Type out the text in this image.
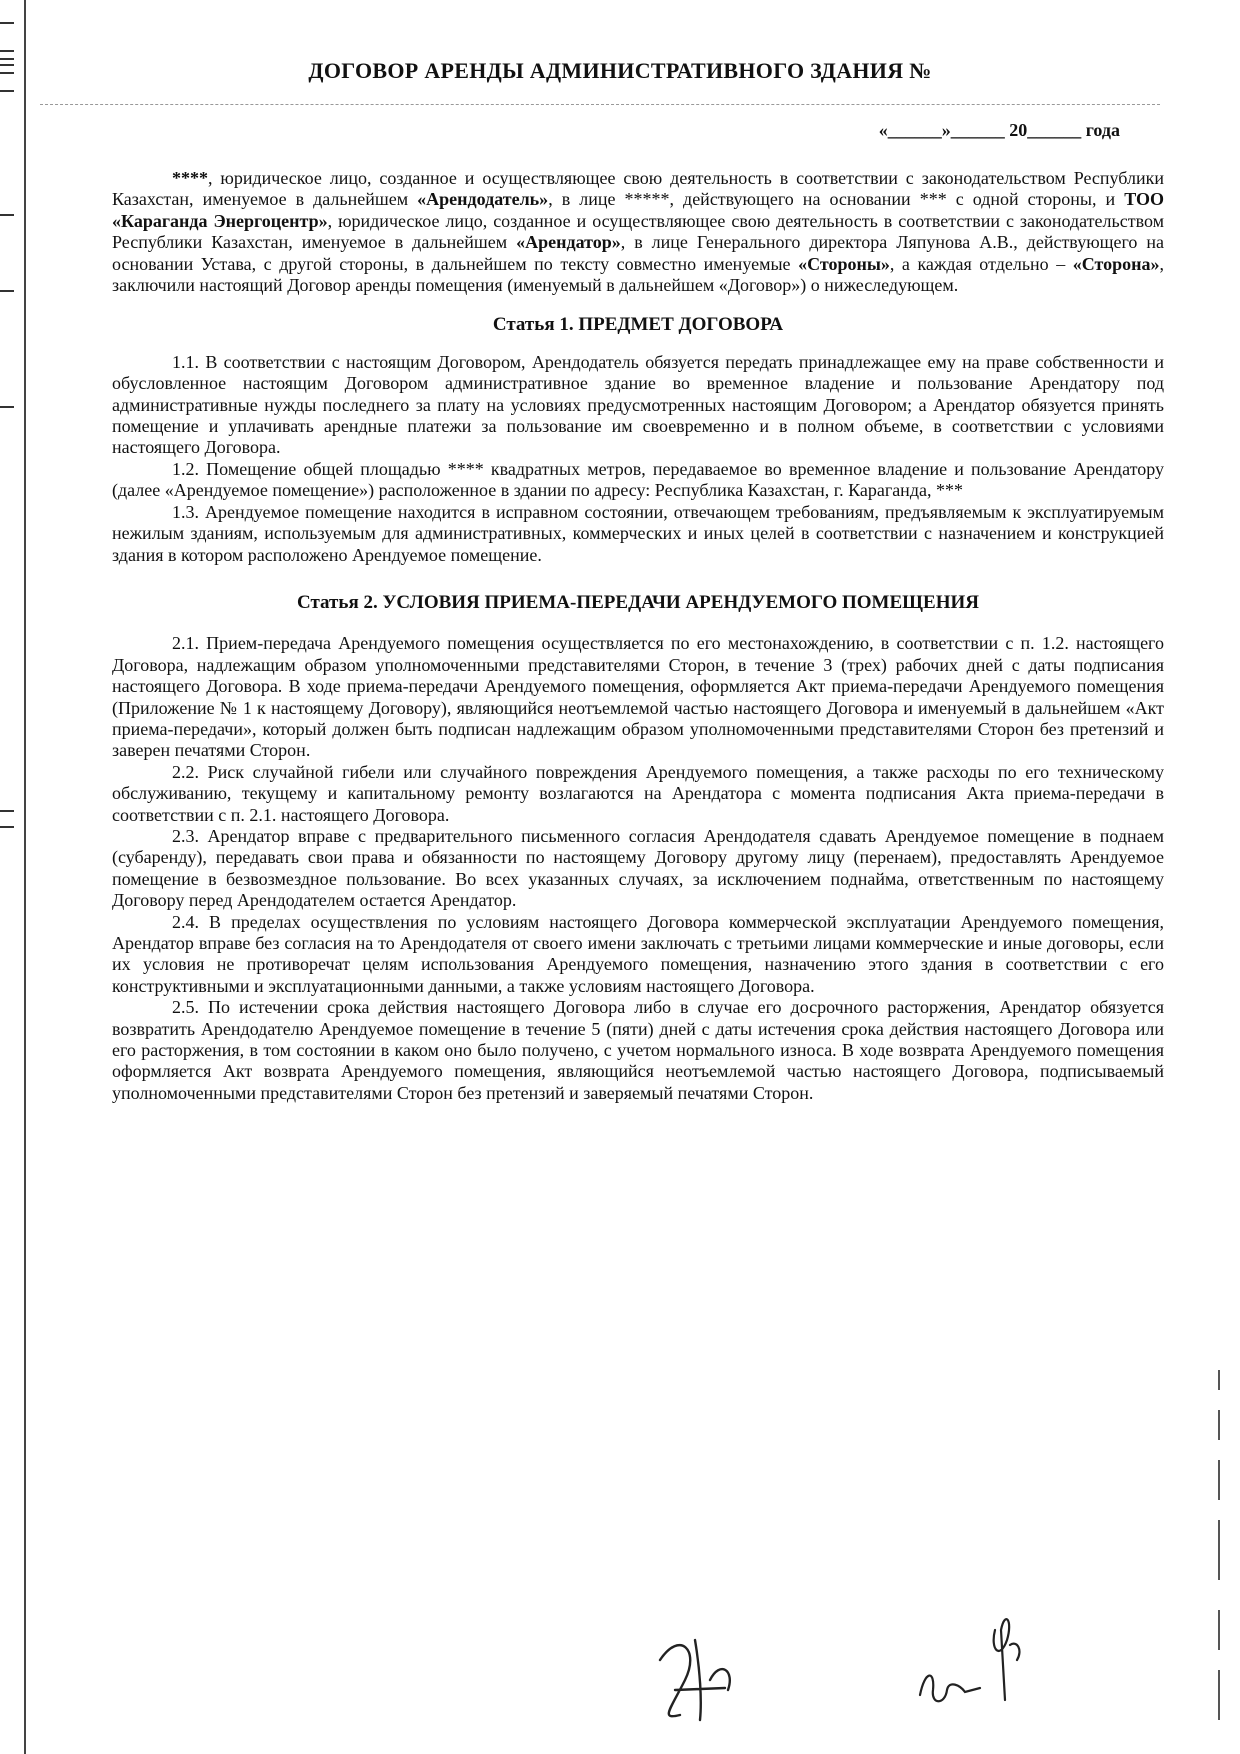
ДОГОВОР АРЕНДЫ АДМИНИСТРАТИВНОГО ЗДАНИЯ №
«______»______ 20______ года

****, юридическое лицо, созданное и осуществляющее свою деятельность в соответствии с законодательством Республики Казахстан, именуемое в дальнейшем «Арендодатель», в лице *****, действующего на основании *** с одной стороны, и ТОО «Караганда Энергоцентр», юридическое лицо, созданное и осуществляющее свою деятельность в соответствии с законодательством Республики Казахстан, именуемое в дальнейшем «Арендатор», в лице Генерального директора Ляпунова А.В., действующего на основании Устава, с другой стороны, в дальнейшем по тексту совместно именуемые «Стороны», а каждая отдельно – «Сторона», заключили настоящий Договор аренды помещения (именуемый в дальнейшем «Договор») о нижеследующем.

Статья 1. ПРЕДМЕТ ДОГОВОРА

1.1. В соответствии с настоящим Договором, Арендодатель обязуется передать принадлежащее ему на праве собственности и обусловленное настоящим Договором административное здание во временное владение и пользование Арендатору под административные нужды последнего за плату на условиях предусмотренных настоящим Договором; а Арендатор обязуется принять помещение и уплачивать арендные платежи за пользование им своевременно и в полном объеме, в соответствии с условиями настоящего Договора.

1.2. Помещение общей площадью **** квадратных метров, передаваемое во временное владение и пользование Арендатору (далее «Арендуемое помещение») расположенное в здании по адресу: Республика Казахстан, г. Караганда, ***

1.3. Арендуемое помещение находится в исправном состоянии, отвечающем требованиям, предъявляемым к эксплуатируемым нежилым зданиям, используемым для административных, коммерческих и иных целей в соответствии с назначением и конструкцией здания в котором расположено Арендуемое помещение.

Статья 2. УСЛОВИЯ ПРИЕМА-ПЕРЕДАЧИ АРЕНДУЕМОГО ПОМЕЩЕНИЯ

2.1. Прием-передача Арендуемого помещения осуществляется по его местонахождению, в соответствии с п. 1.2. настоящего Договора, надлежащим образом уполномоченными представителями Сторон, в течение 3 (трех) рабочих дней с даты подписания настоящего Договора. В ходе приема-передачи Арендуемого помещения, оформляется Акт приема-передачи Арендуемого помещения (Приложение № 1 к настоящему Договору), являющийся неотъемлемой частью настоящего Договора и именуемый в дальнейшем «Акт приема-передачи», который должен быть подписан надлежащим образом уполномоченными представителями Сторон без претензий и заверен печатями Сторон.

2.2. Риск случайной гибели или случайного повреждения Арендуемого помещения, а также расходы по его техническому обслуживанию, текущему и капитальному ремонту возлагаются на Арендатора с момента подписания Акта приема-передачи в соответствии с п. 2.1. настоящего Договора.

2.3. Арендатор вправе с предварительного письменного согласия Арендодателя сдавать Арендуемое помещение в поднаем (субаренду), передавать свои права и обязанности по настоящему Договору другому лицу (перенаем), предоставлять Арендуемое помещение в безвозмездное пользование. Во всех указанных случаях, за исключением поднайма, ответственным по настоящему Договору перед Арендодателем остается Арендатор.

2.4. В пределах осуществления по условиям настоящего Договора коммерческой эксплуатации Арендуемого помещения, Арендатор вправе без согласия на то Арендодателя от своего имени заключать с третьими лицами коммерческие и иные договоры, если их условия не противоречат целям использования Арендуемого помещения, назначению этого здания в соответствии с его конструктивными и эксплуатационными данными, а также условиям настоящего Договора.

2.5. По истечении срока действия настоящего Договора либо в случае его досрочного расторжения, Арендатор обязуется возвратить Арендодателю Арендуемое помещение в течение 5 (пяти) дней с даты истечения срока действия настоящего Договора или его расторжения, в том состоянии в каком оно было получено, с учетом нормального износа. В ходе возврата Арендуемого помещения оформляется Акт возврата Арендуемого помещения, являющийся неотъемлемой частью настоящего Договора, подписываемый уполномоченными представителями Сторон без претензий и заверяемый печатями Сторон.
